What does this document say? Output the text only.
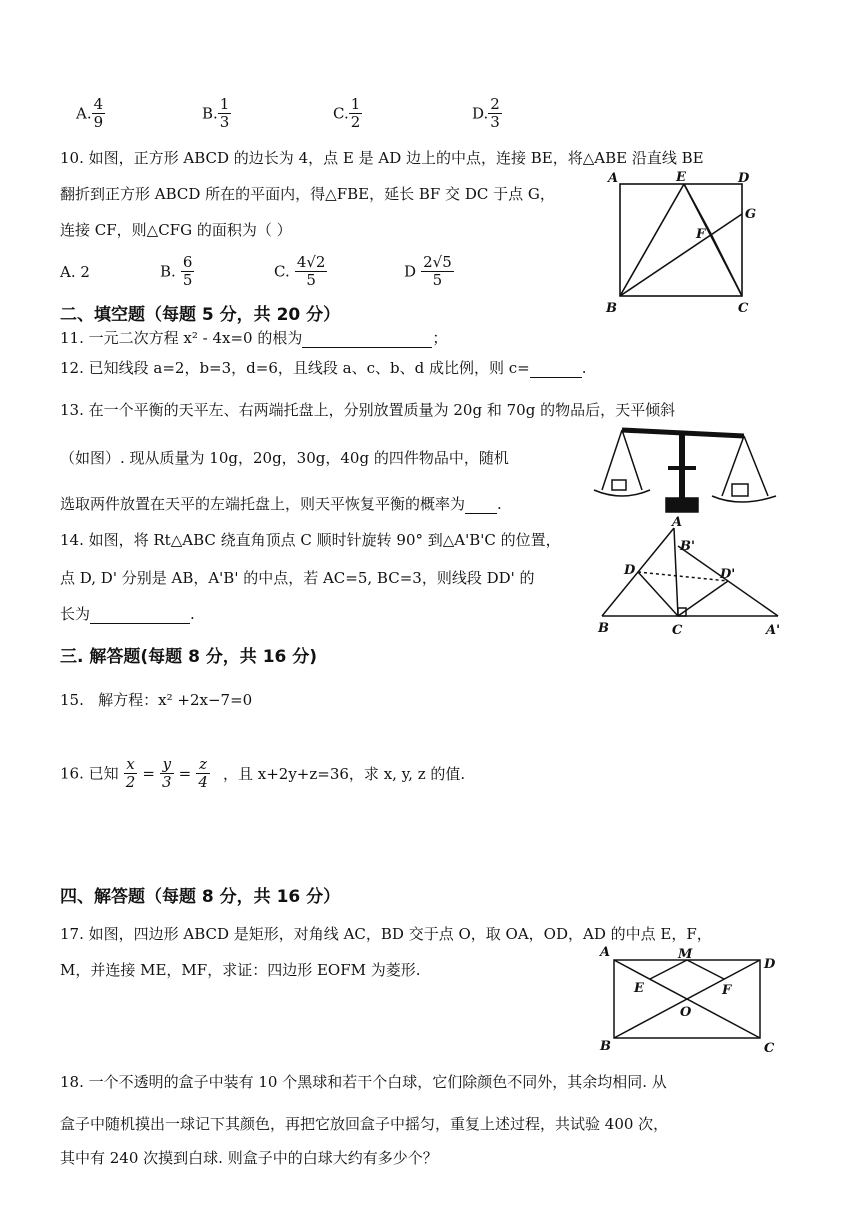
A. $\frac{4}{9}$	B. $\frac{1}{3}$	C. $\frac{1}{2}$	D. $\frac{2}{3}$
10. 如图，正方形 ABCD 的边长为 4，点 E 是 AD 边上的中点，连接 BE，将△ABE 沿直线 BE
翻折到正方形 ABCD 所在的平面内，得△FBE，延长 BF 交 DC 于点 G，
连接 CF，则△CFG 的面积为（ ）
A. 2	B. $\frac{6}{5}$	C. $\frac{4√2}{5}$	D $\frac{2√5}{5}$
A	E	D
G
F
B	C
二、填空题（每题 5 分，共 20 分）
11. 一元二次方程 x² - 4x=0 的根为	；
12. 已知线段 a=2，b=3，d=6，且线段 a、c、b、d 成比例，则 c=	.
13. 在一个平衡的天平左、右两端托盘上，分别放置质量为 20g 和 70g 的物品后，天平倾斜
（如图）. 现从质量为 10g，20g，30g，40g 的四件物品中，随机
选取两件放置在天平的左端托盘上，则天平恢复平衡的概率为 .
14. 如图，将 Rt△ABC 绕直角顶点 C 顺时针旋转 90° 到△A'B'C 的位置，
点 D, D' 分别是 AB，A'B' 的中点，若 AC=5, BC=3，则线段 DD' 的
长为	.
A
B'
D	D'
B	C	A'
三. 解答题(每题 8 分，共 16 分)
15. 解方程：x² +2x−7=0
16. 已知 $\frac{x}{2} = \frac{y}{3} = \frac{z}{4}$ ，且 x+2y+z=36，求 x, y, z 的值.
四、解答题（每题 8 分，共 16 分）
17. 如图，四边形 ABCD 是矩形，对角线 AC，BD 交于点 O，取 OA，OD，AD 的中点 E，F，
M，并连接 ME，MF，求证：四边形 EOFM 为菱形.
A	M
D
E	F
O
B	C
18. 一个不透明的盒子中装有 10 个黑球和若干个白球，它们除颜色不同外，其余均相同. 从
盒子中随机摸出一球记下其颜色，再把它放回盒子中摇匀，重复上述过程，共试验 400 次，
其中有 240 次摸到白球. 则盒子中的白球大约有多少个？
